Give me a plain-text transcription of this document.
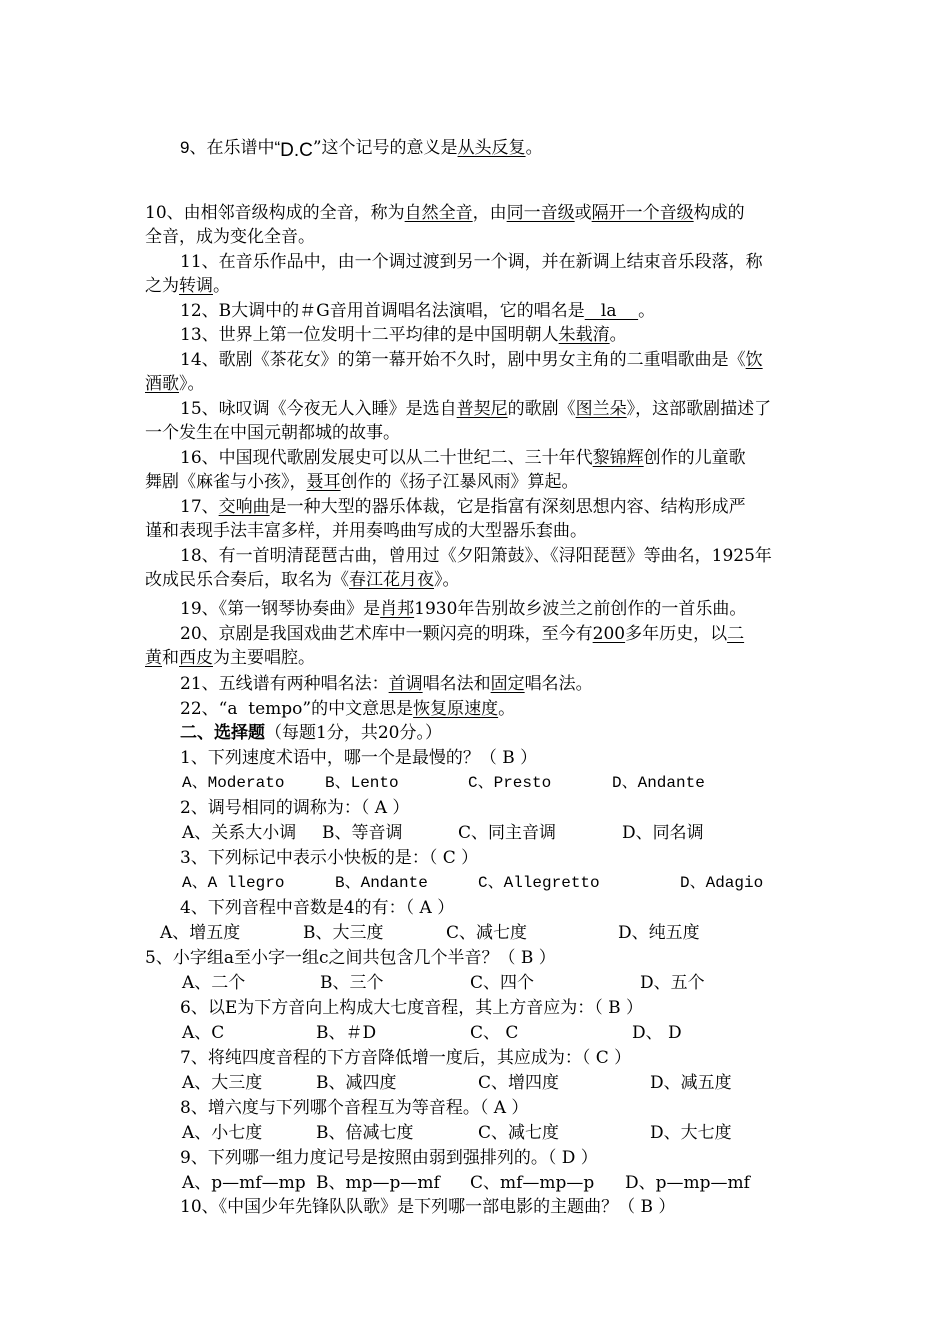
9、在乐谱中“D.C”这个记号的意义是从头反复。
10、由相邻音级构成的全音，称为自然全音，由同一音级或隔开一个音级构成的
全音，成为变化全音。
11、在音乐作品中，由一个调过渡到另一个调，并在新调上结束音乐段落，称
之为转调。
12、B大调中的＃G音用首调唱名法演唱，它的唱名是   la    。
13、世界上第一位发明十二平均律的是中国明朝人朱载淯。
14、歌剧《茶花女》的第一幕开始不久时，剧中男女主角的二重唱歌曲是《饮
酒歌》。
15、咏叹调《今夜无人入睡》是选自普契尼的歌剧《图兰朵》，这部歌剧描述了
一个发生在中国元朝都城的故事。
16、中国现代歌剧发展史可以从二十世纪二、三十年代黎锦辉创作的儿童歌
舞剧《麻雀与小孩》，聂耳创作的《扬子江暴风雨》算起。
17、交响曲是一种大型的器乐体裁，它是指富有深刻思想内容、结构形成严
谨和表现手法丰富多样，并用奏鸣曲写成的大型器乐套曲。
18、有一首明清琵琶古曲，曾用过《夕阳箫鼓》、《浔阳琵琶》等曲名，1925年
改成民乐合奏后，取名为《春江花月夜》。
19、《第一钢琴协奏曲》是肖邦1930年告别故乡波兰之前创作的一首乐曲。
20、京剧是我国戏曲艺术库中一颗闪亮的明珠，至今有200多年历史，以二
黄和西皮为主要唱腔。
21、五线谱有两种唱名法：首调唱名法和固定唱名法。
22、“a  tempo”的中文意思是恢复原速度。
二、选择题（每题1分，共20分。）
1、下列速度术语中，哪一个是最慢的？（ B ）
A、Moderato	B、Lento	C、Presto	D、Andante
2、调号相同的调称为：（ A ）
A、关系大小调 B、等音调	C、同主音调	D、同名调
3、下列标记中表示小快板的是：（ C ）
A、A llegro	B、Andante	C、Allegretto	D、Adagio
4、下列音程中音数是4的有：（ A ）
A、增五度	B、大三度	C、减七度	D、纯五度
5、小字组a至小字一组c之间共包含几个半音？（ B ）
A、二个	B、三个	C、四个	D、五个
6、以E为下方音向上构成大七度音程，其上方音应为：（ B ）
A、C	B、＃D	C、 C	D、 D
7、将纯四度音程的下方音降低增一度后，其应成为：（ C ）
A、大三度	B、减四度	C、增四度	D、减五度
8、增六度与下列哪个音程互为等音程。（ A ）
A、小七度	B、倍减七度	C、减七度	D、大七度
9、下列哪一组力度记号是按照由弱到强排列的。（ D ）
A、p—mf—mp B、mp—p—mf C、mf—mp—p D、p—mp—mf
10、《中国少年先锋队队歌》是下列哪一部电影的主题曲？（ B ）
